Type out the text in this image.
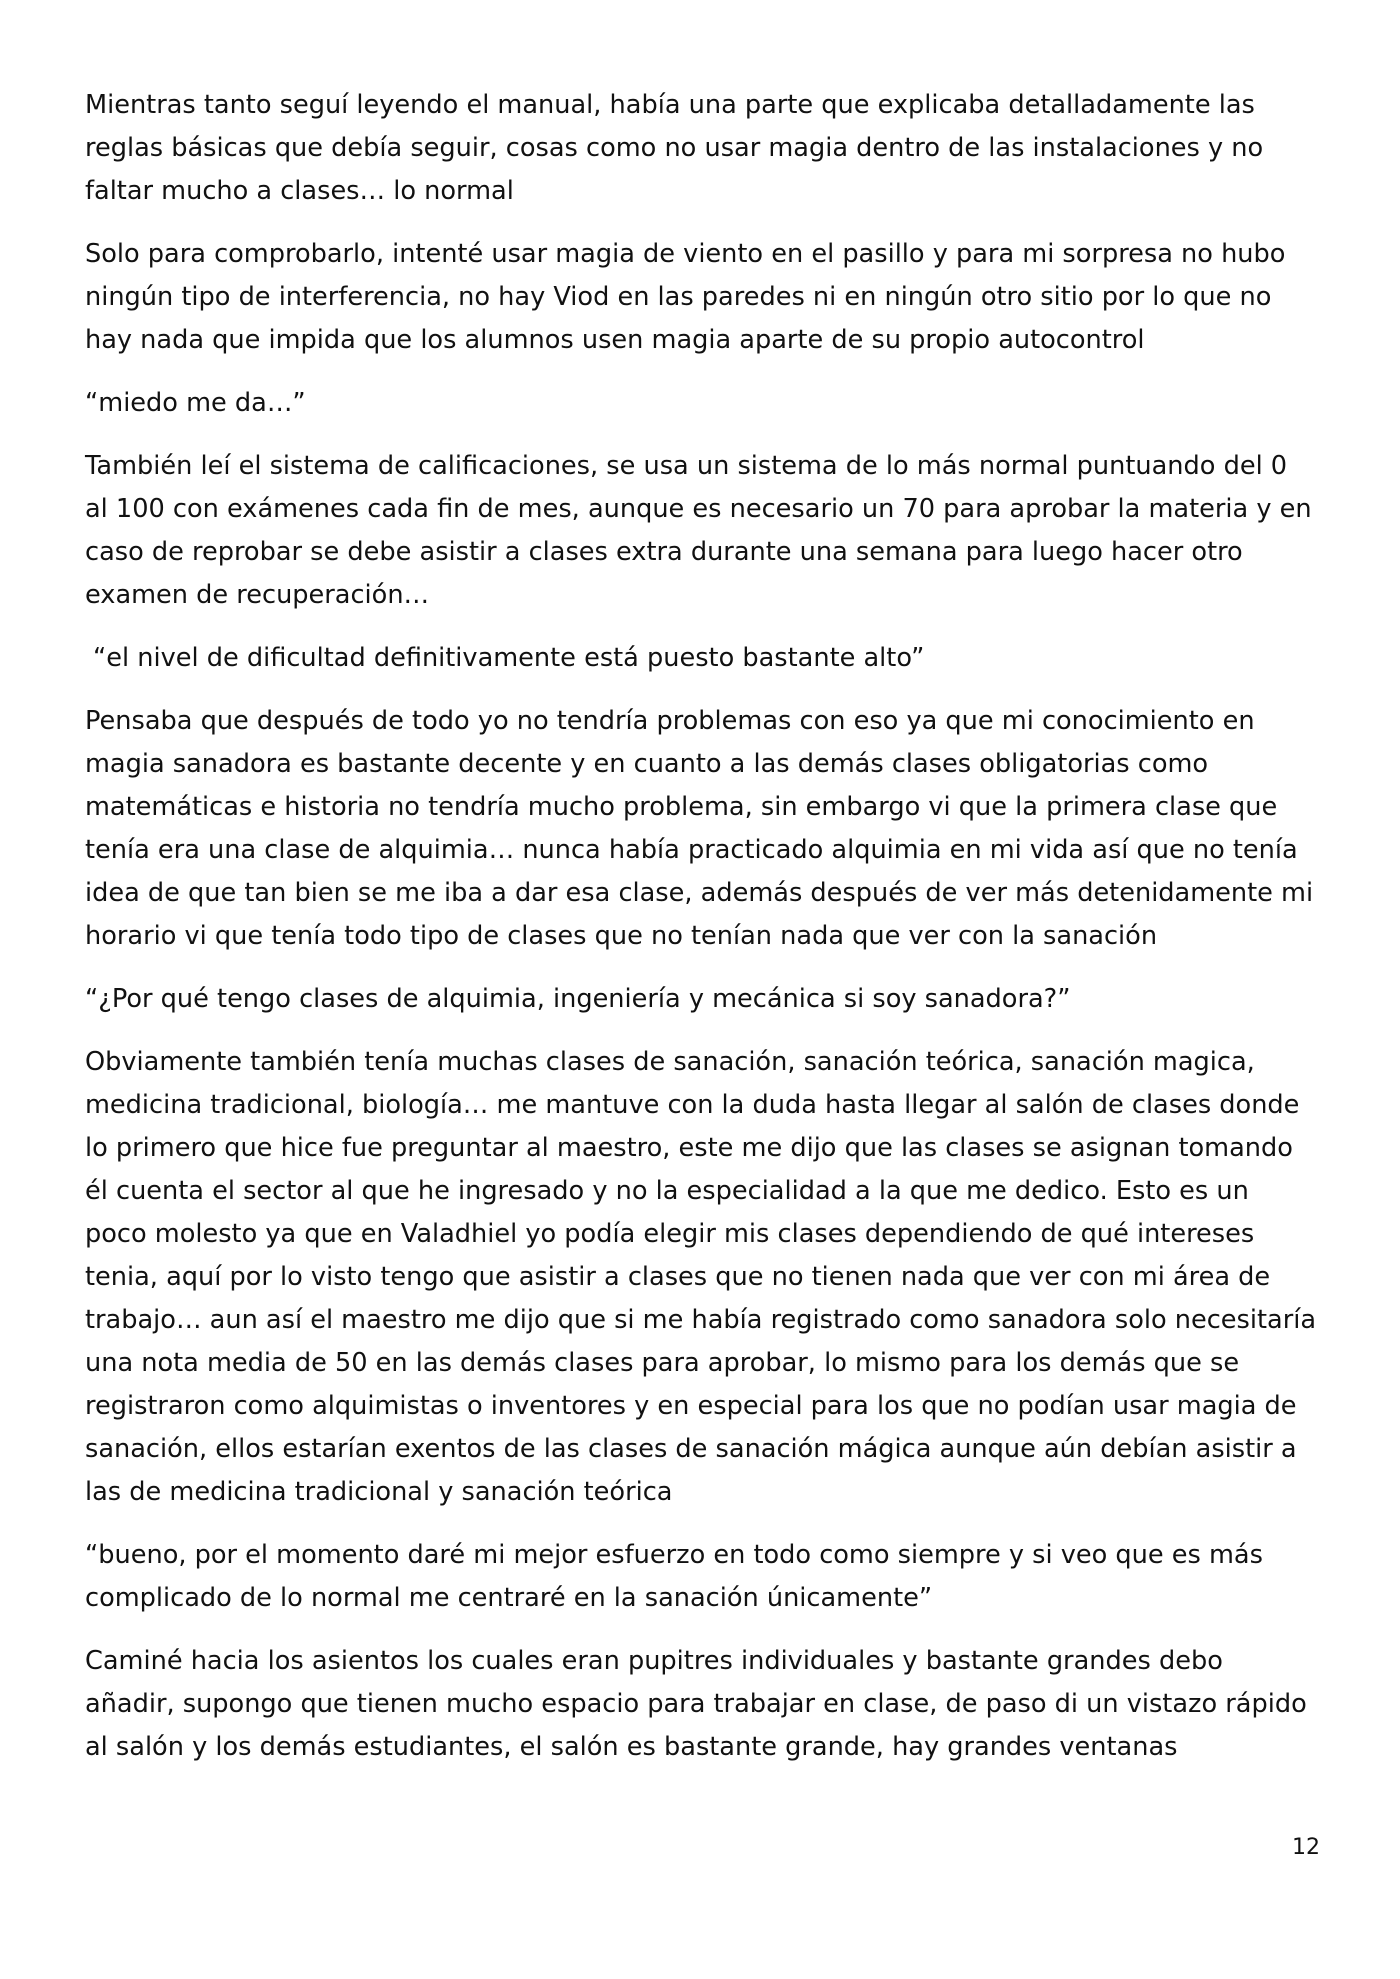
Mientras tanto seguí leyendo el manual, había una parte que explicaba detalladamente las reglas básicas que debía seguir, cosas como no usar magia dentro de las instalaciones y no faltar mucho a clases… lo normal

Solo para comprobarlo, intenté usar magia de viento en el pasillo y para mi sorpresa no hubo ningún tipo de interferencia, no hay Viod en las paredes ni en ningún otro sitio por lo que no hay nada que impida que los alumnos usen magia aparte de su propio autocontrol

“miedo me da…”

También leí el sistema de calificaciones, se usa un sistema de lo más normal puntuando del 0 al 100 con exámenes cada fin de mes, aunque es necesario un 70 para aprobar la materia y en caso de reprobar se debe asistir a clases extra durante una semana para luego hacer otro examen de recuperación…

“el nivel de dificultad definitivamente está puesto bastante alto”

Pensaba que después de todo yo no tendría problemas con eso ya que mi conocimiento en magia sanadora es bastante decente y en cuanto a las demás clases obligatorias como matemáticas e historia no tendría mucho problema, sin embargo vi que la primera clase que tenía era una clase de alquimia… nunca había practicado alquimia en mi vida así que no tenía idea de que tan bien se me iba a dar esa clase, además después de ver más detenidamente mi horario vi que tenía todo tipo de clases que no tenían nada que ver con la sanación

“¿Por qué tengo clases de alquimia, ingeniería y mecánica si soy sanadora?”

Obviamente también tenía muchas clases de sanación, sanación teórica, sanación magica, medicina tradicional, biología… me mantuve con la duda hasta llegar al salón de clases donde lo primero que hice fue preguntar al maestro, este me dijo que las clases se asignan tomando él cuenta el sector al que he ingresado y no la especialidad a la que me dedico. Esto es un poco molesto ya que en Valadhiel yo podía elegir mis clases dependiendo de qué intereses tenia, aquí por lo visto tengo que asistir a clases que no tienen nada que ver con mi área de trabajo… aun así el maestro me dijo que si me había registrado como sanadora solo necesitaría una nota media de 50 en las demás clases para aprobar, lo mismo para los demás que se registraron como alquimistas o inventores y en especial para los que no podían usar magia de sanación, ellos estarían exentos de las clases de sanación mágica aunque aún debían asistir a las de medicina tradicional y sanación teórica

“bueno, por el momento daré mi mejor esfuerzo en todo como siempre y si veo que es más complicado de lo normal me centraré en la sanación únicamente”

Caminé hacia los asientos los cuales eran pupitres individuales y bastante grandes debo añadir, supongo que tienen mucho espacio para trabajar en clase, de paso di un vistazo rápido al salón y los demás estudiantes, el salón es bastante grande, hay grandes ventanas

12
